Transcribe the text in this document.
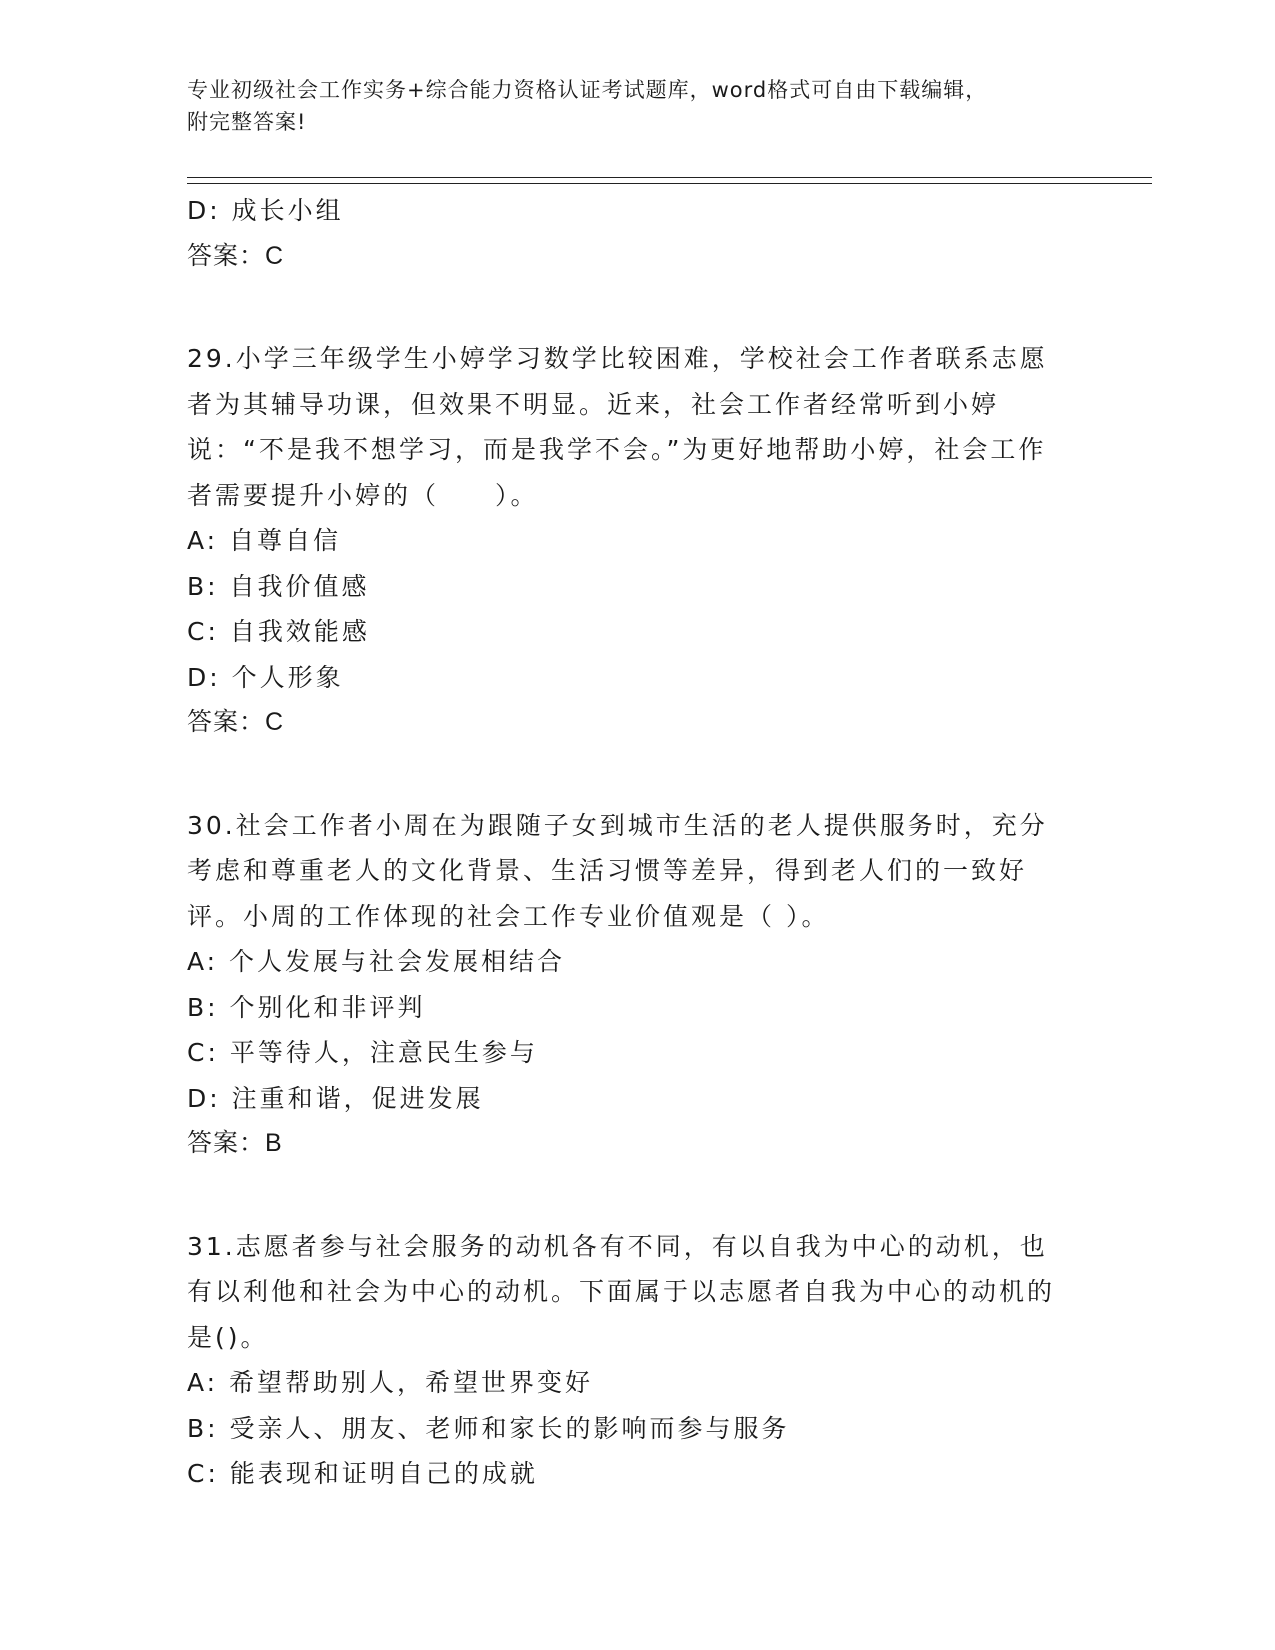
专业初级社会工作实务+综合能力资格认证考试题库，word格式可自由下载编辑，
附完整答案!
D: 成长小组
答案：C
29.小学三年级学生小婷学习数学比较困难，学校社会工作者联系志愿者为其辅导功课，但效果不明显。近来，社会工作者经常听到小婷说：“不是我不想学习，而是我学不会。”为更好地帮助小婷，社会工作者需要提升小婷的（　　）。
A: 自尊自信
B: 自我价值感
C: 自我效能感
D: 个人形象
答案：C
30.社会工作者小周在为跟随子女到城市生活的老人提供服务时，充分考虑和尊重老人的文化背景、生活习惯等差异，得到老人们的一致好评。小周的工作体现的社会工作专业价值观是（ ）。
A: 个人发展与社会发展相结合
B: 个别化和非评判
C: 平等待人，注意民生参与
D: 注重和谐，促进发展
答案：B
31.志愿者参与社会服务的动机各有不同，有以自我为中心的动机，也有以利他和社会为中心的动机。下面属于以志愿者自我为中心的动机的是()。
A: 希望帮助别人，希望世界变好
B: 受亲人、朋友、老师和家长的影响而参与服务
C: 能表现和证明自己的成就
